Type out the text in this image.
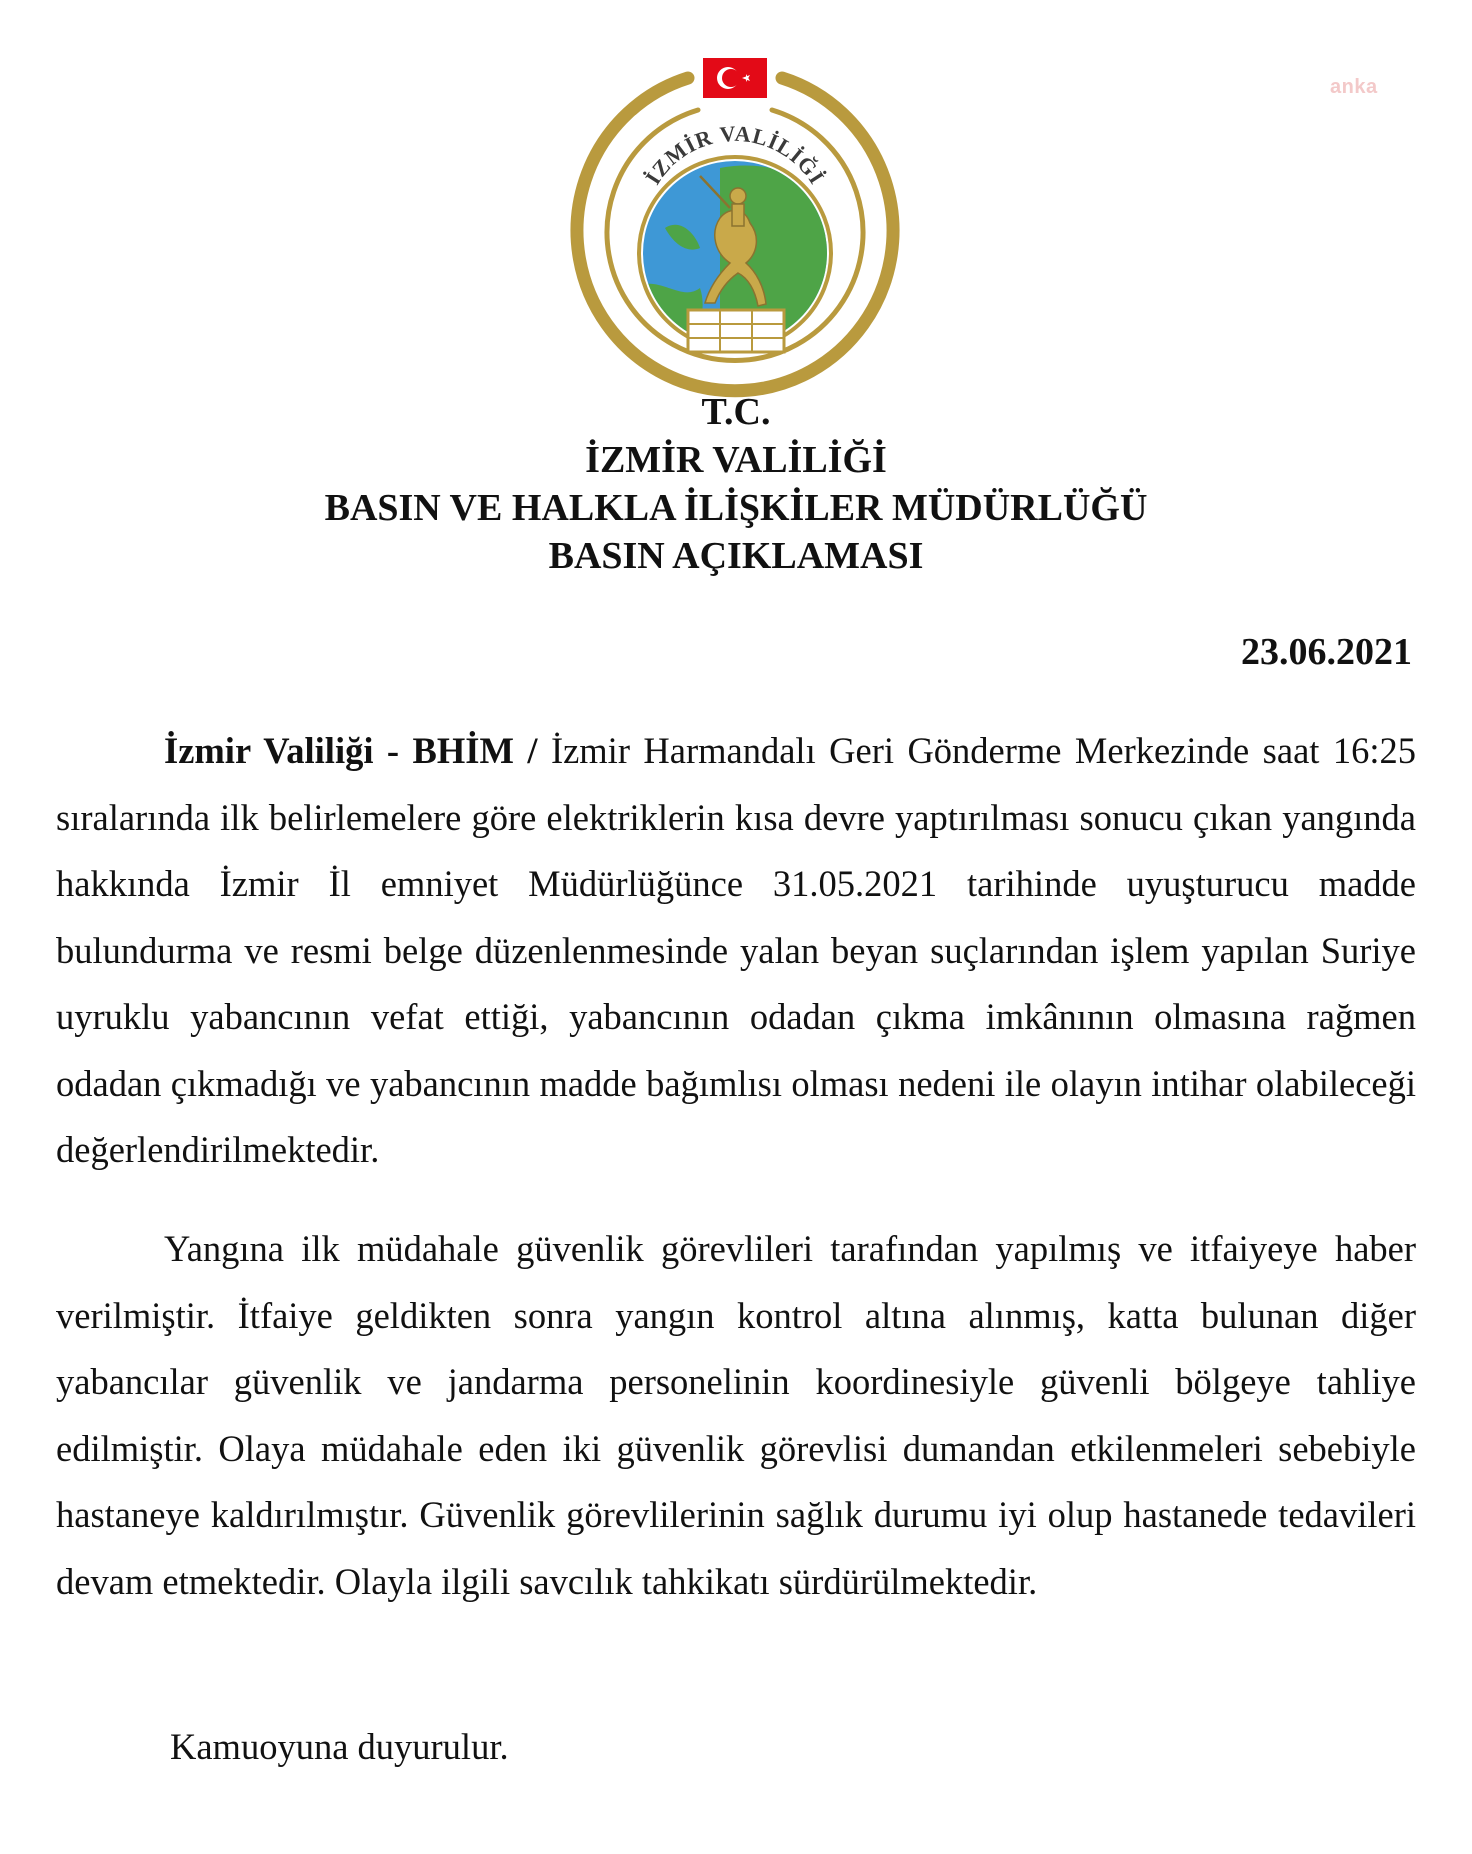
anka
İZMİR VALİLİĞİ
T.C.
İZMİR VALİLİĞİ
BASIN VE HALKLA İLİŞKİLER MÜDÜRLÜĞÜ
BASIN AÇIKLAMASI
23.06.2021
İzmir Valiliği - BHİM / İzmir Harmandalı Geri Gönderme Merkezinde saat 16:25 sıralarında ilk belirlemelere göre elektriklerin kısa devre yaptırılması sonucu çıkan yangında hakkında İzmir İl emniyet Müdürlüğünce 31.05.2021 tarihinde uyuşturucu madde bulundurma ve resmi belge düzenlenmesinde yalan beyan suçlarından işlem yapılan Suriye uyruklu yabancının vefat ettiği, yabancının odadan çıkma imkânının olmasına rağmen odadan çıkmadığı ve yabancının madde bağımlısı olması nedeni ile olayın intihar olabileceği değerlendirilmektedir.
Yangına ilk müdahale güvenlik görevlileri tarafından yapılmış ve itfaiyeye haber verilmiştir. İtfaiye geldikten sonra yangın kontrol altına alınmış, katta bulunan diğer yabancılar güvenlik ve jandarma personelinin koordinesiyle güvenli bölgeye tahliye edilmiştir. Olaya müdahale eden iki güvenlik görevlisi dumandan etkilenmeleri sebebiyle hastaneye kaldırılmıştır. Güvenlik görevlilerinin sağlık durumu iyi olup hastanede tedavileri devam etmektedir. Olayla ilgili savcılık tahkikatı sürdürülmektedir.
Kamuoyuna duyurulur.
